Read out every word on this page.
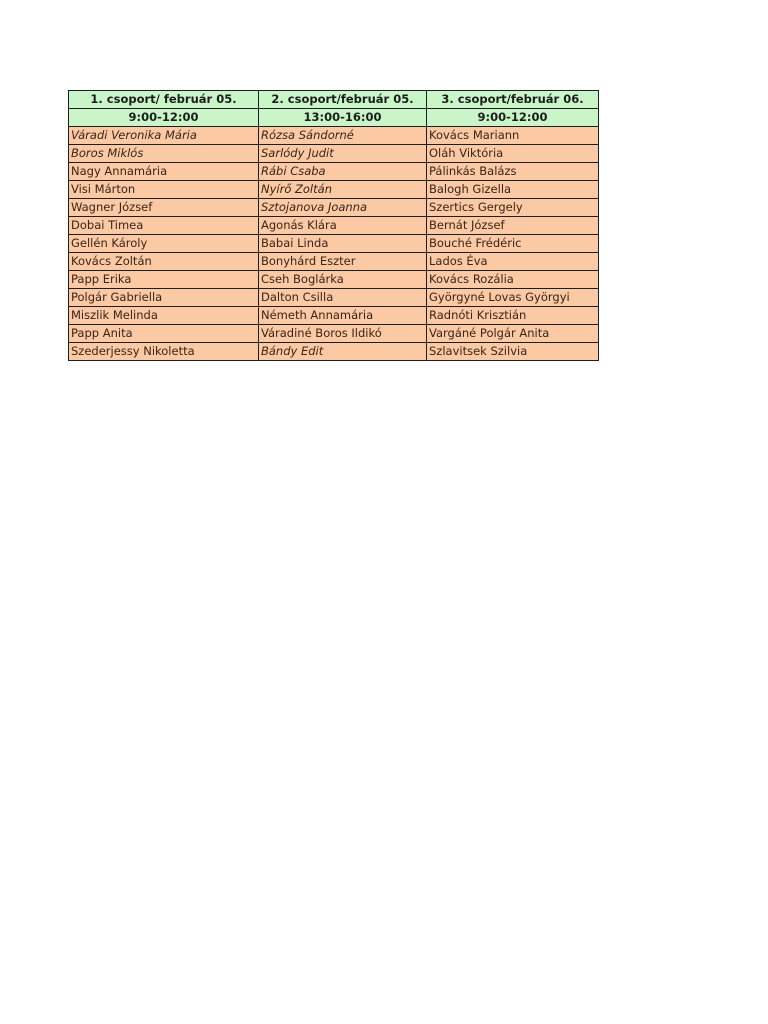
1. csoport/ február 05.	2. csoport/február 05.	3. csoport/február 06.
9:00-12:00	13:00-16:00	9:00-12:00
Váradi Veronika Mária	Rózsa Sándorné	Kovács Mariann
Boros Miklós	Sarlódy Judit	Oláh Viktória
Nagy Annamária	Rábi Csaba	Pálinkás Balázs
Visi Márton	Nyírő Zoltán	Balogh Gizella
Wagner József	Sztojanova Joanna	Szertics Gergely
Dobai Timea	Agonás Klára	Bernát József
Gellén Károly	Babai Linda	Bouché Frédéric
Kovács Zoltán	Bonyhárd Eszter	Lados Éva
Papp Erika	Cseh Boglárka	Kovács Rozália
Polgár Gabriella	Dalton Csilla	Györgyné Lovas Györgyi
Miszlik Melinda	Németh Annamária	Radnóti Krisztián
Papp Anita	Váradiné Boros Ildikó	Vargáné Polgár Anita
Szederjessy Nikoletta	Bándy Edit	Szlavitsek Szilvia
